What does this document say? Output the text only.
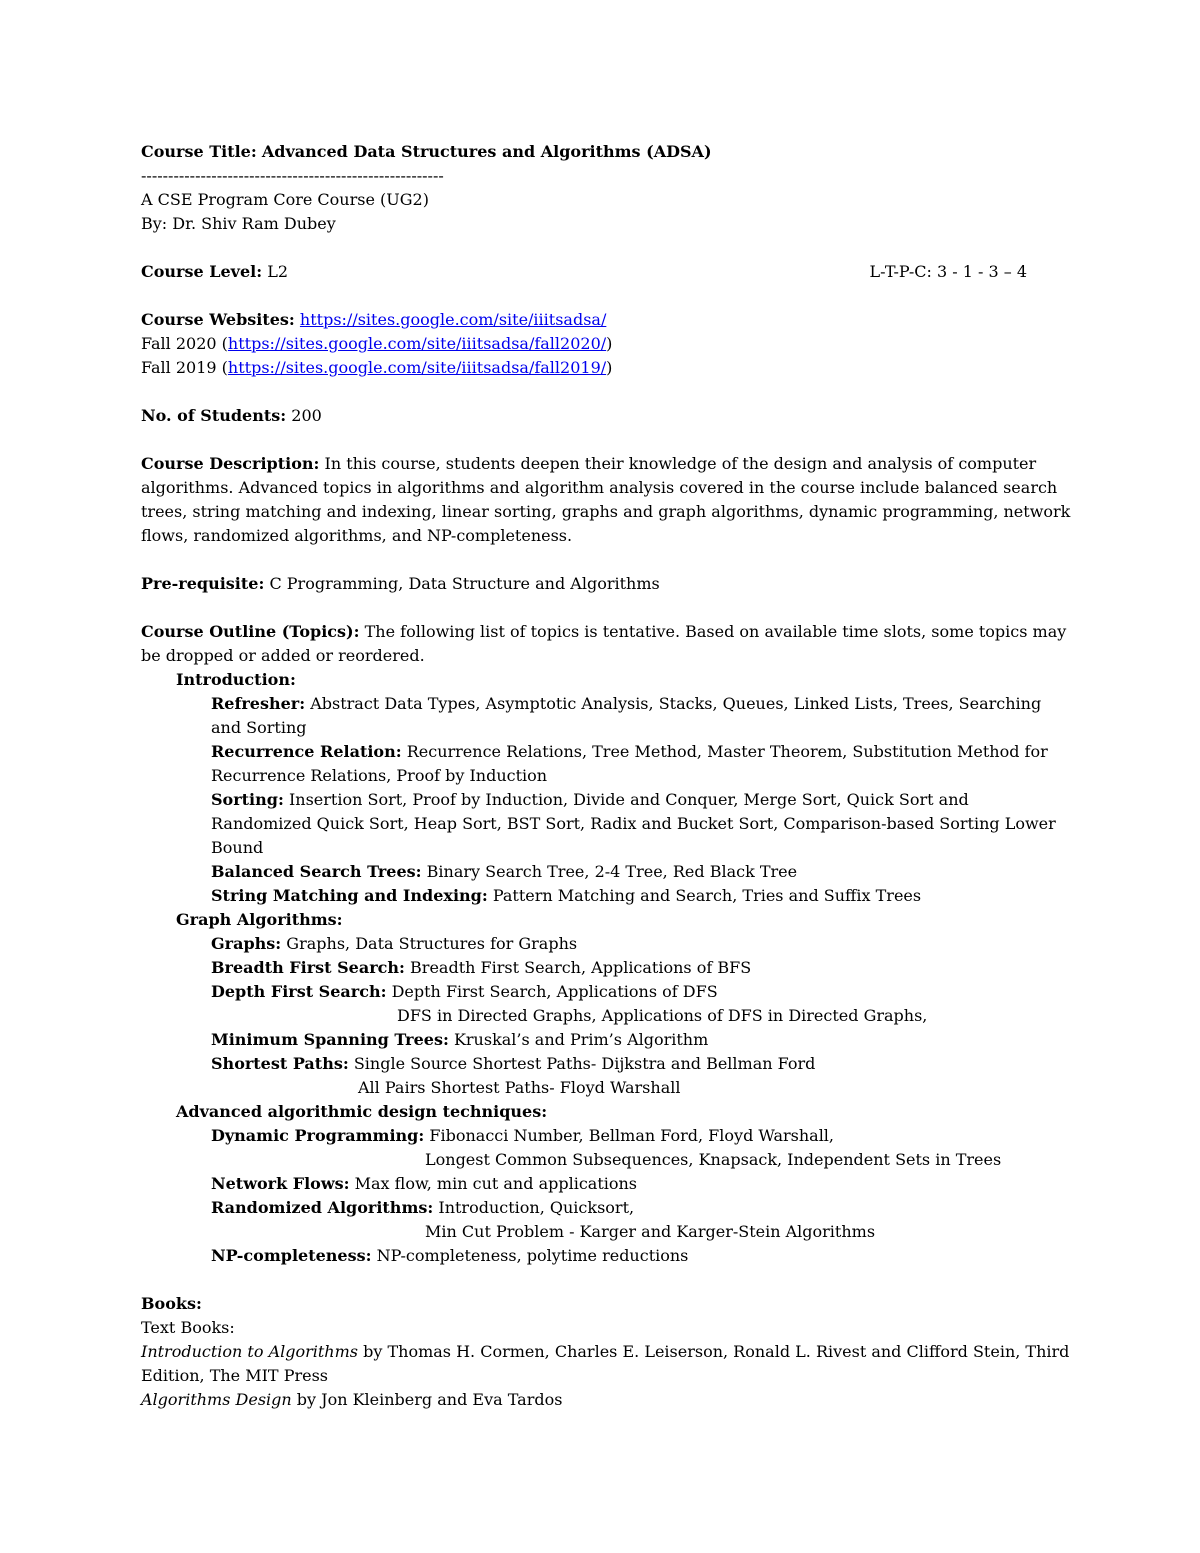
Course Title: Advanced Data Structures and Algorithms (ADSA)

--------------------------------------------------------

A CSE Program Core Course (UG2)

By: Dr. Shiv Ram Dubey

Course Level: L2	L-T-P-C: 3 - 1 - 3 – 4

Course Websites: https://sites.google.com/site/iiitsadsa/

Fall 2020 (https://sites.google.com/site/iiitsadsa/fall2020/)

Fall 2019 (https://sites.google.com/site/iiitsadsa/fall2019/)

No. of Students: 200

Course Description: In this course, students deepen their knowledge of the design and analysis of computer algorithms. Advanced topics in algorithms and algorithm analysis covered in the course include balanced search trees, string matching and indexing, linear sorting, graphs and graph algorithms, dynamic programming, network flows, randomized algorithms, and NP-completeness.

Pre-requisite: C Programming, Data Structure and Algorithms

Course Outline (Topics): The following list of topics is tentative. Based on available time slots, some topics may be dropped or added or reordered.

Introduction:

Refresher: Abstract Data Types, Asymptotic Analysis, Stacks, Queues, Linked Lists, Trees, Searching and Sorting

Recurrence Relation: Recurrence Relations, Tree Method, Master Theorem, Substitution Method for Recurrence Relations, Proof by Induction

Sorting: Insertion Sort, Proof by Induction, Divide and Conquer, Merge Sort, Quick Sort and Randomized Quick Sort, Heap Sort, BST Sort, Radix and Bucket Sort, Comparison-based Sorting Lower Bound

Balanced Search Trees: Binary Search Tree, 2-4 Tree, Red Black Tree

String Matching and Indexing: Pattern Matching and Search, Tries and Suffix Trees

Graph Algorithms:

Graphs: Graphs, Data Structures for Graphs

Breadth First Search: Breadth First Search, Applications of BFS

Depth First Search: Depth First Search, Applications of DFS

DFS in Directed Graphs, Applications of DFS in Directed Graphs,

Minimum Spanning Trees: Kruskal’s and Prim’s Algorithm

Shortest Paths: Single Source Shortest Paths- Dijkstra and Bellman Ford

All Pairs Shortest Paths- Floyd Warshall

Advanced algorithmic design techniques:

Dynamic Programming: Fibonacci Number, Bellman Ford, Floyd Warshall,

Longest Common Subsequences, Knapsack, Independent Sets in Trees

Network Flows: Max flow, min cut and applications

Randomized Algorithms: Introduction, Quicksort,

Min Cut Problem - Karger and Karger-Stein Algorithms

NP-completeness: NP-completeness, polytime reductions

Books:

Text Books:

Introduction to Algorithms by Thomas H. Cormen, Charles E. Leiserson, Ronald L. Rivest and Clifford Stein, Third Edition, The MIT Press

Algorithms Design by Jon Kleinberg and Eva Tardos
